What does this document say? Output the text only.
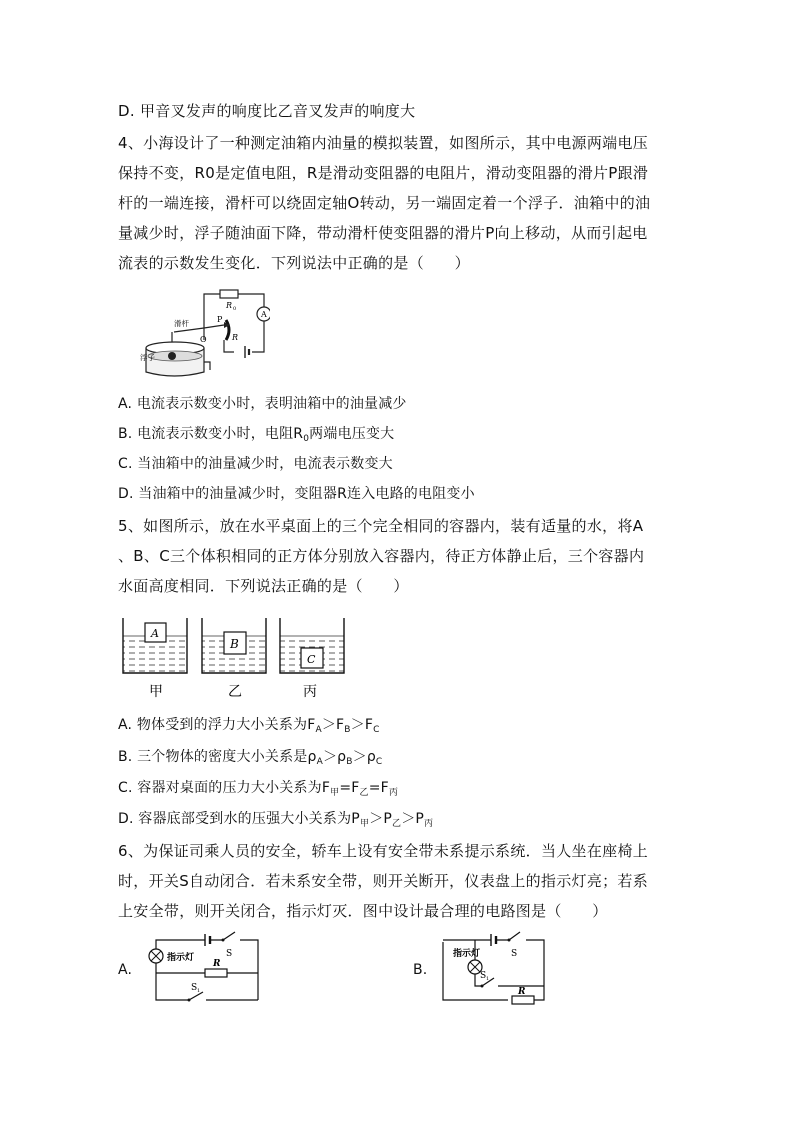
D. 甲音叉发声的响度比乙音叉发声的响度大
4、小海设计了一种测定油箱内油量的模拟装置，如图所示，其中电源两端电压
保持不变，R0是定值电阻，R是滑动变阻器的电阻片，滑动变阻器的滑片P跟滑
杆的一端连接，滑杆可以绕固定轴O转动，另一端固定着一个浮子．油箱中的油
量减少时，浮子随油面下降，带动滑杆使变阻器的滑片P向上移动，从而引起电
流表的示数发生变化．下列说法中正确的是（　　）
R 0
A
R
P
O
滑杆
浮子
A. 电流表示数变小时，表明油箱中的油量减少
B. 电流表示数变小时，电阻$R_0$两端电压变大
C. 当油箱中的油量减少时，电流表示数变大
D. 当油箱中的油量减少时，变阻器R连入电路的电阻变小
5、如图所示，放在水平桌面上的三个完全相同的容器内，装有适量的水，将A
、B、C三个体积相同的正方体分别放入容器内，待正方体静止后，三个容器内
水面高度相同．下列说法正确的是（　　）
A
甲
B
乙
C
丙
A. 物体受到的浮力大小关系为$F_A>F_B>F_C$
B. 三个物体的密度大小关系是$\rho_A>\rho_B>\rho_C$
C. 容器对桌面的压力大小关系为$F_甲=F_乙=F_丙$
D. 容器底部受到水的压强大小关系为$P_甲>P_乙>P_丙$
6、为保证司乘人员的安全，轿车上设有安全带未系提示系统．当人坐在座椅上
时，开关S自动闭合．若未系安全带，则开关断开，仪表盘上的指示灯亮；若系
上安全带，则开关闭合，指示灯灭．图中设计最合理的电路图是（　　）
A.
S
指示灯
R
S 1
B.
S
指示灯
S 1
R
